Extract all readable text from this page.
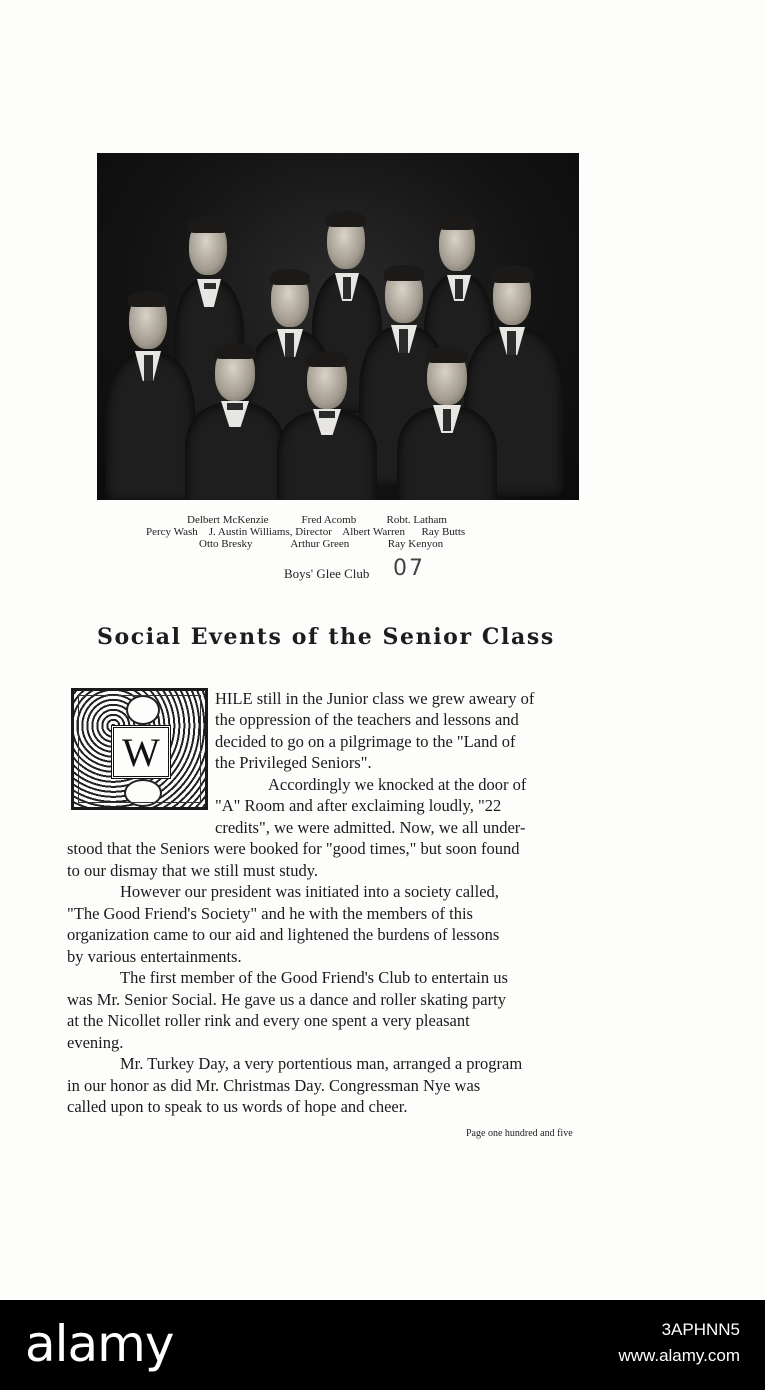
Delbert McKenzie            Fred Acomb           Robt. Latham
Percy Wash    J. Austin Williams, Director    Albert Warren      Ray Butts
Otto Bresky              Arthur Green              Ray Kenyon
Boys' Glee Club 07
Social Events of the Senior Class
W
HILE still in the Junior class we grew aweary of
the oppression of the teachers and lessons and
decided to go on a pilgrimage to the "Land of
the Privileged Seniors".
Accordingly we knocked at the door of
"A" Room and after exclaiming loudly, "22
credits", we were admitted. Now, we all under-
stood that the Seniors were booked for "good times," but soon found
to our dismay that we still must study.
However our president was initiated into a society called,
"The Good Friend's Society" and he with the members of this
organization came to our aid and lightened the burdens of lessons
by various entertainments.
The first member of the Good Friend's Club to entertain us
was Mr. Senior Social. He gave us a dance and roller skating party
at the Nicollet roller rink and every one spent a very pleasant
evening.
Mr. Turkey Day, a very portentious man, arranged a program
in our honor as did Mr. Christmas Day. Congressman Nye was
called upon to speak to us words of hope and cheer.
Page one hundred and five
alamy	3APHNN5
www.alamy.com
